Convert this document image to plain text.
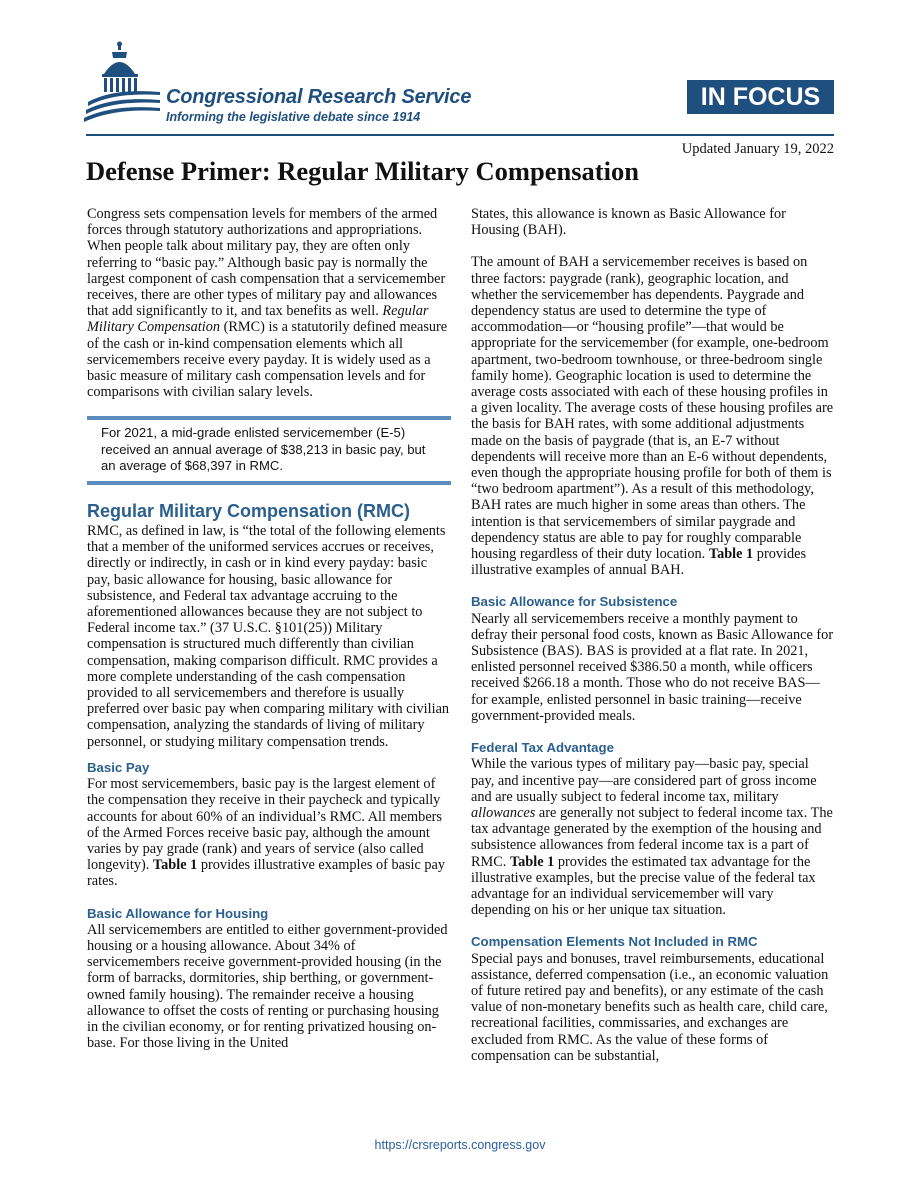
Congressional Research Service
Informing the legislative debate since 1914
IN FOCUS
Updated January 19, 2022
Defense Primer: Regular Military Compensation

Congress sets compensation levels for members of the armed forces through statutory authorizations and appropriations. When people talk about military pay, they are often only referring to “basic pay.” Although basic pay is normally the largest component of cash compensation that a servicemember receives, there are other types of military pay and allowances that add significantly to it, and tax benefits as well. Regular Military Compensation (RMC) is a statutorily defined measure of the cash or in-kind compensation elements which all servicemembers receive every payday. It is widely used as a basic measure of military cash compensation levels and for comparisons with civilian salary levels.

For 2021, a mid-grade enlisted servicemember (E-5) received an annual average of $38,213 in basic pay, but an average of $68,397 in RMC.
Regular Military Compensation (RMC)

RMC, as defined in law, is “the total of the following elements that a member of the uniformed services accrues or receives, directly or indirectly, in cash or in kind every payday: basic pay, basic allowance for housing, basic allowance for subsistence, and Federal tax advantage accruing to the aforementioned allowances because they are not subject to Federal income tax.” (37 U.S.C. §101(25)) Military compensation is structured much differently than civilian compensation, making comparison difficult. RMC provides a more complete understanding of the cash compensation provided to all servicemembers and therefore is usually preferred over basic pay when comparing military with civilian compensation, analyzing the standards of living of military personnel, or studying military compensation trends.

Basic Pay

For most servicemembers, basic pay is the largest element of the compensation they receive in their paycheck and typically accounts for about 60% of an individual’s RMC. All members of the Armed Forces receive basic pay, although the amount varies by pay grade (rank) and years of service (also called longevity). Table 1 provides illustrative examples of basic pay rates.

Basic Allowance for Housing

All servicemembers are entitled to either government-provided housing or a housing allowance. About 34% of servicemembers receive government-provided housing (in the form of barracks, dormitories, ship berthing, or government-owned family housing). The remainder receive a housing allowance to offset the costs of renting or purchasing housing in the civilian economy, or for renting privatized housing on-base. For those living in the United

States, this allowance is known as Basic Allowance for Housing (BAH).

The amount of BAH a servicemember receives is based on three factors: paygrade (rank), geographic location, and whether the servicemember has dependents. Paygrade and dependency status are used to determine the type of accommodation—or “housing profile”—that would be appropriate for the servicemember (for example, one-bedroom apartment, two-bedroom townhouse, or three-bedroom single family home). Geographic location is used to determine the average costs associated with each of these housing profiles in a given locality. The average costs of these housing profiles are the basis for BAH rates, with some additional adjustments made on the basis of paygrade (that is, an E-7 without dependents will receive more than an E-6 without dependents, even though the appropriate housing profile for both of them is “two bedroom apartment”). As a result of this methodology, BAH rates are much higher in some areas than others. The intention is that servicemembers of similar paygrade and dependency status are able to pay for roughly comparable housing regardless of their duty location. Table 1 provides illustrative examples of annual BAH.

Basic Allowance for Subsistence

Nearly all servicemembers receive a monthly payment to defray their personal food costs, known as Basic Allowance for Subsistence (BAS). BAS is provided at a flat rate. In 2021, enlisted personnel received $386.50 a month, while officers received $266.18 a month. Those who do not receive BAS—for example, enlisted personnel in basic training—receive government-provided meals.

Federal Tax Advantage

While the various types of military pay—basic pay, special pay, and incentive pay—are considered part of gross income and are usually subject to federal income tax, military allowances are generally not subject to federal income tax. The tax advantage generated by the exemption of the housing and subsistence allowances from federal income tax is a part of RMC. Table 1 provides the estimated tax advantage for the illustrative examples, but the precise value of the federal tax advantage for an individual servicemember will vary depending on his or her unique tax situation.

Compensation Elements Not Included in RMC

Special pays and bonuses, travel reimbursements, educational assistance, deferred compensation (i.e., an economic valuation of future retired pay and benefits), or any estimate of the cash value of non-monetary benefits such as health care, child care, recreational facilities, commissaries, and exchanges are excluded from RMC. As the value of these forms of compensation can be substantial,

https://crsreports.congress.gov
